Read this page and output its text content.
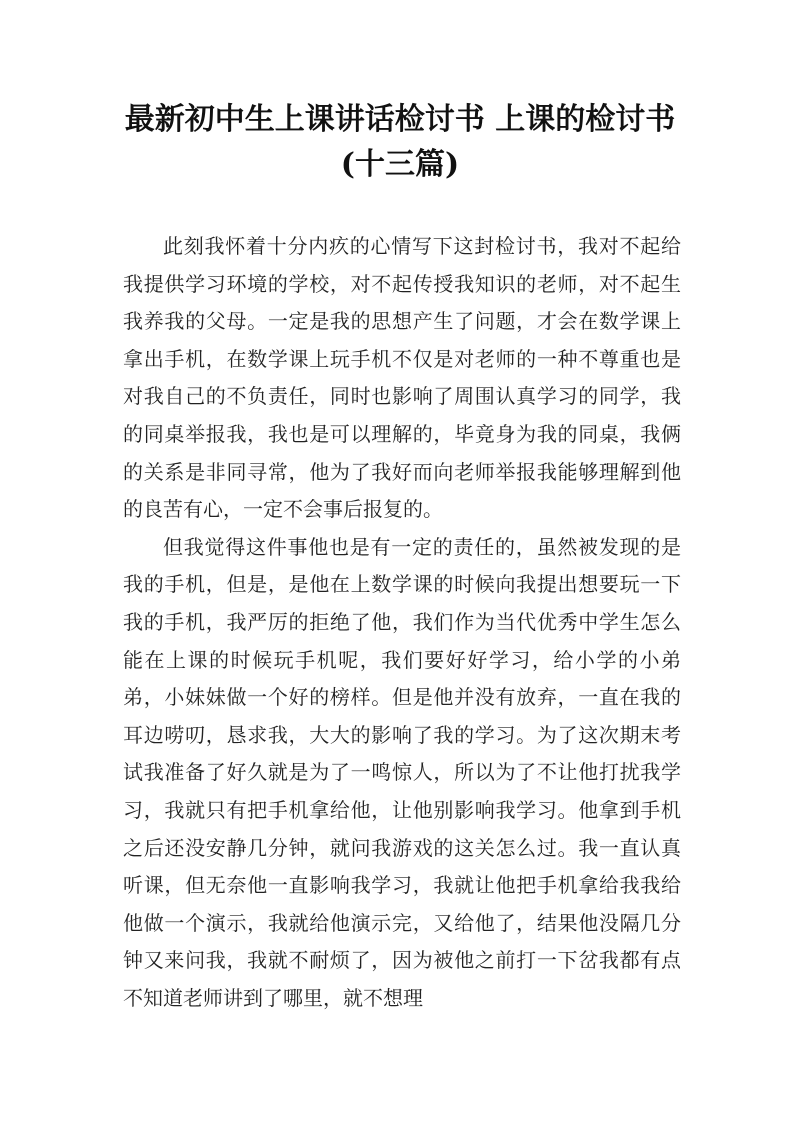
最新初中生上课讲话检讨书 上课的检讨书
(十三篇)

此刻我怀着十分内疚的心情写下这封检讨书，我对不起给我提供学习环境的学校，对不起传授我知识的老师，对不起生我养我的父母。一定是我的思想产生了问题，才会在数学课上拿出手机，在数学课上玩手机不仅是对老师的一种不尊重也是对我自己的不负责任，同时也影响了周围认真学习的同学，我的同桌举报我，我也是可以理解的，毕竟身为我的同桌，我俩的关系是非同寻常，他为了我好而向老师举报我能够理解到他的良苦有心，一定不会事后报复的。

但我觉得这件事他也是有一定的责任的，虽然被发现的是我的手机，但是，是他在上数学课的时候向我提出想要玩一下我的手机，我严厉的拒绝了他，我们作为当代优秀中学生怎么能在上课的时候玩手机呢，我们要好好学习，给小学的小弟弟，小妹妹做一个好的榜样。但是他并没有放弃，一直在我的耳边唠叨，恳求我，大大的影响了我的学习。为了这次期末考试我准备了好久就是为了一鸣惊人，所以为了不让他打扰我学习，我就只有把手机拿给他，让他别影响我学习。他拿到手机之后还没安静几分钟，就问我游戏的这关怎么过。我一直认真听课，但无奈他一直影响我学习，我就让他把手机拿给我我给他做一个演示，我就给他演示完，又给他了，结果他没隔几分钟又来问我，我就不耐烦了，因为被他之前打一下岔我都有点不知道老师讲到了哪里，就不想理
